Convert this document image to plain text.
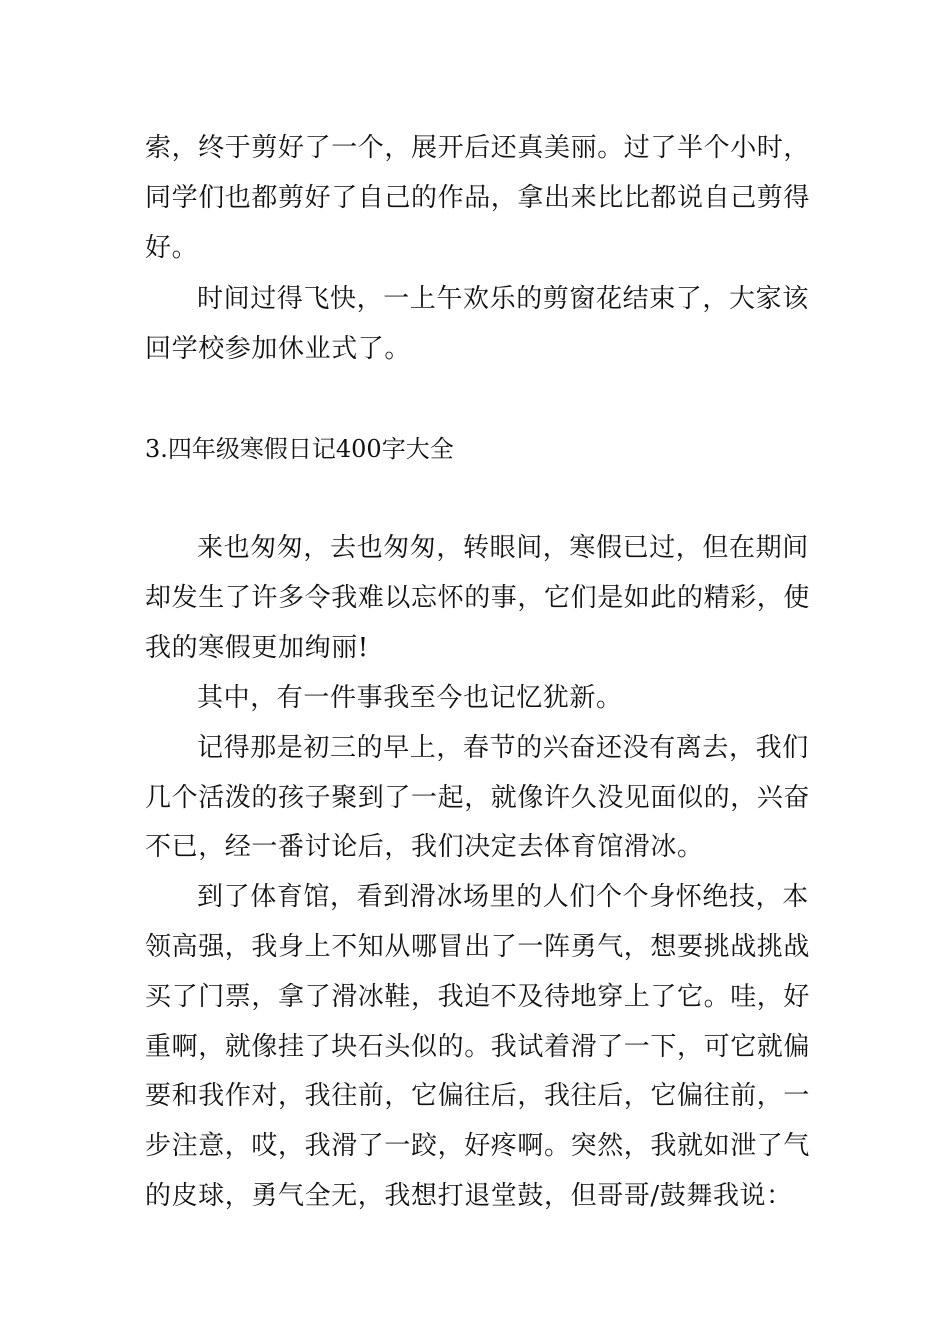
索，终于剪好了一个，展开后还真美丽。过了半个小时，
同学们也都剪好了自己的作品，拿出来比比都说自己剪得
好。
时间过得飞快，一上午欢乐的剪窗花结束了，大家该
回学校参加休业式了。
3.四年级寒假日记400字大全
来也匆匆，去也匆匆，转眼间，寒假已过，但在期间
却发生了许多令我难以忘怀的事，它们是如此的精彩，使
我的寒假更加绚丽!
其中，有一件事我至今也记忆犹新。
记得那是初三的早上，春节的兴奋还没有离去，我们
几个活泼的孩子聚到了一起，就像许久没见面似的，兴奋
不已，经一番讨论后，我们决定去体育馆滑冰。
到了体育馆，看到滑冰场里的人们个个身怀绝技，本
领高强，我身上不知从哪冒出了一阵勇气，想要挑战挑战
买了门票，拿了滑冰鞋，我迫不及待地穿上了它。哇，好
重啊，就像挂了块石头似的。我试着滑了一下，可它就偏
要和我作对，我往前，它偏往后，我往后，它偏往前，一
步注意，哎，我滑了一跤，好疼啊。突然，我就如泄了气
的皮球，勇气全无，我想打退堂鼓，但哥哥/鼓舞我说：
